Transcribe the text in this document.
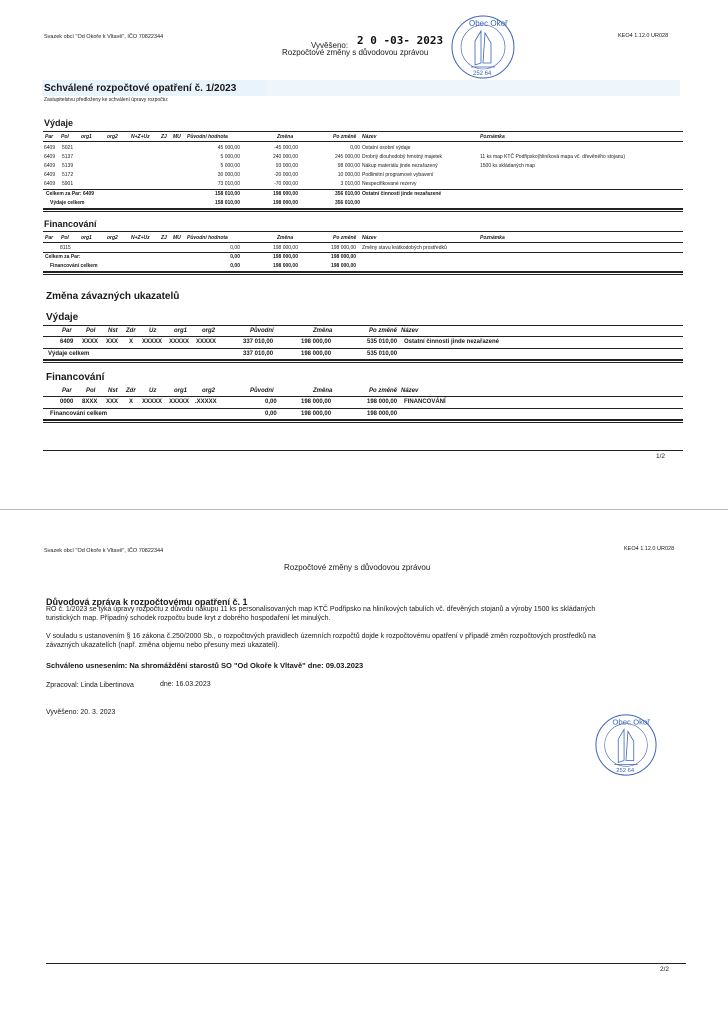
Svazek obcí "Od Okoře k Vltavě", IČO 70822344	KEO4 1.12.0 UR028
Vyvěšeno: 2 0 -03- 2023
Rozpočtové změny s důvodovou zprávou
Obec Okoř
252 64
Schválené rozpočtové opatření č. 1/2023
Zastupitelstvu předloženy ke schválení úpravy rozpočtu:
Výdaje
Par Pol org1	org2	N+Z+Uz ZJ MU Původní hodnota	Změna	Po změně Název	Poznámka
6409 5021	45 000,00	-45 000,00	0,00 Ostatní osobní výdaje
6409 5137	5 000,00	240 000,00	245 000,00 Drobný dlouhodobý hmotný majetek	11 ks map KTČ Podřipsko(hliníková mapa vč. dřevěného stojanu)
6409 5139	5 000,00	93 000,00	98 000,00 Nákup materiálu jinde nezařazený	1500 ks skládaných map
6409 5172	30 000,00	-20 000,00	10 000,00 Podlimitní programové vybavení
6409 5901	73 010,00	-70 000,00	3 010,00 Nespecifikované rezervy
Celkem za Par: 6409	158 010,00	198 000,00	356 010,00 Ostatní činnosti jinde nezařazené
Výdaje celkem	158 010,00	198 000,00	356 010,00
Financování
Par Pol org1	org2	N+Z+Uz ZJ MU Původní hodnota	Změna	Po změně Název	Poznámka
8115	0,00	198 000,00	198 000,00 Změny stavu krátkodobých prostředků
Celkem za Par:	0,00	198 000,00	198 000,00
Financování celkem	0,00	198 000,00	198 000,00
Změna závazných ukazatelů
Výdaje
Par Pol Nst Zdr Uz	org1 org2	Původní	Změna	Po změně Název
6409 XXXX XXX X XXXXX XXXXX XXXXX	337 010,00	198 000,00	535 010,00 Ostatní činnosti jinde nezařazené
Výdaje celkem	337 010,00	198 000,00	535 010,00
Financování
Par Pol Nst Zdr Uz	org1 org2	Původní	Změna	Po změně Název
0000 8XXX XXX X XXXXX XXXXX .XXXXX	0,00	198 000,00	198 000,00 FINANCOVÁNÍ
Financování celkem	0,00	198 000,00	198 000,00
1/2
Svazek obcí "Od Okoře k Vltavě", IČO 70822344	KEO4 1.12.0 UR028
Rozpočtové změny s důvodovou zprávou
Důvodová zpráva k rozpočtovému opatření č. 1
RO č. 1/2023 se týká úpravy rozpočtu z důvodu nákupu 11 ks personalisovaných map KTČ Podřipsko na hliníkových tabulích vč. dřevěných stojanů a výroby 1500 ks skládaných
turistických map. Případný schodek rozpočtu bude kryt z dobrého hospodaření let minulých.
V souladu s ustanovením § 16 zákona č.250/2000 Sb., o rozpočtových pravidlech územních rozpočtů dojde k rozpočtovému opatření v případě změn rozpočtových prostředků na
závazných ukazatelích (např. změna objemu nebo přesuny mezi ukazateli).
Schváleno usnesením: Na shromáždění starostů SO "Od Okoře k Vltavě" dne: 09.03.2023
Zpracoval: Linda Libertinova	dne: 16.03.2023
Vyvěšeno: 20. 3. 2023
Obec Okoř
252 64
2/2
